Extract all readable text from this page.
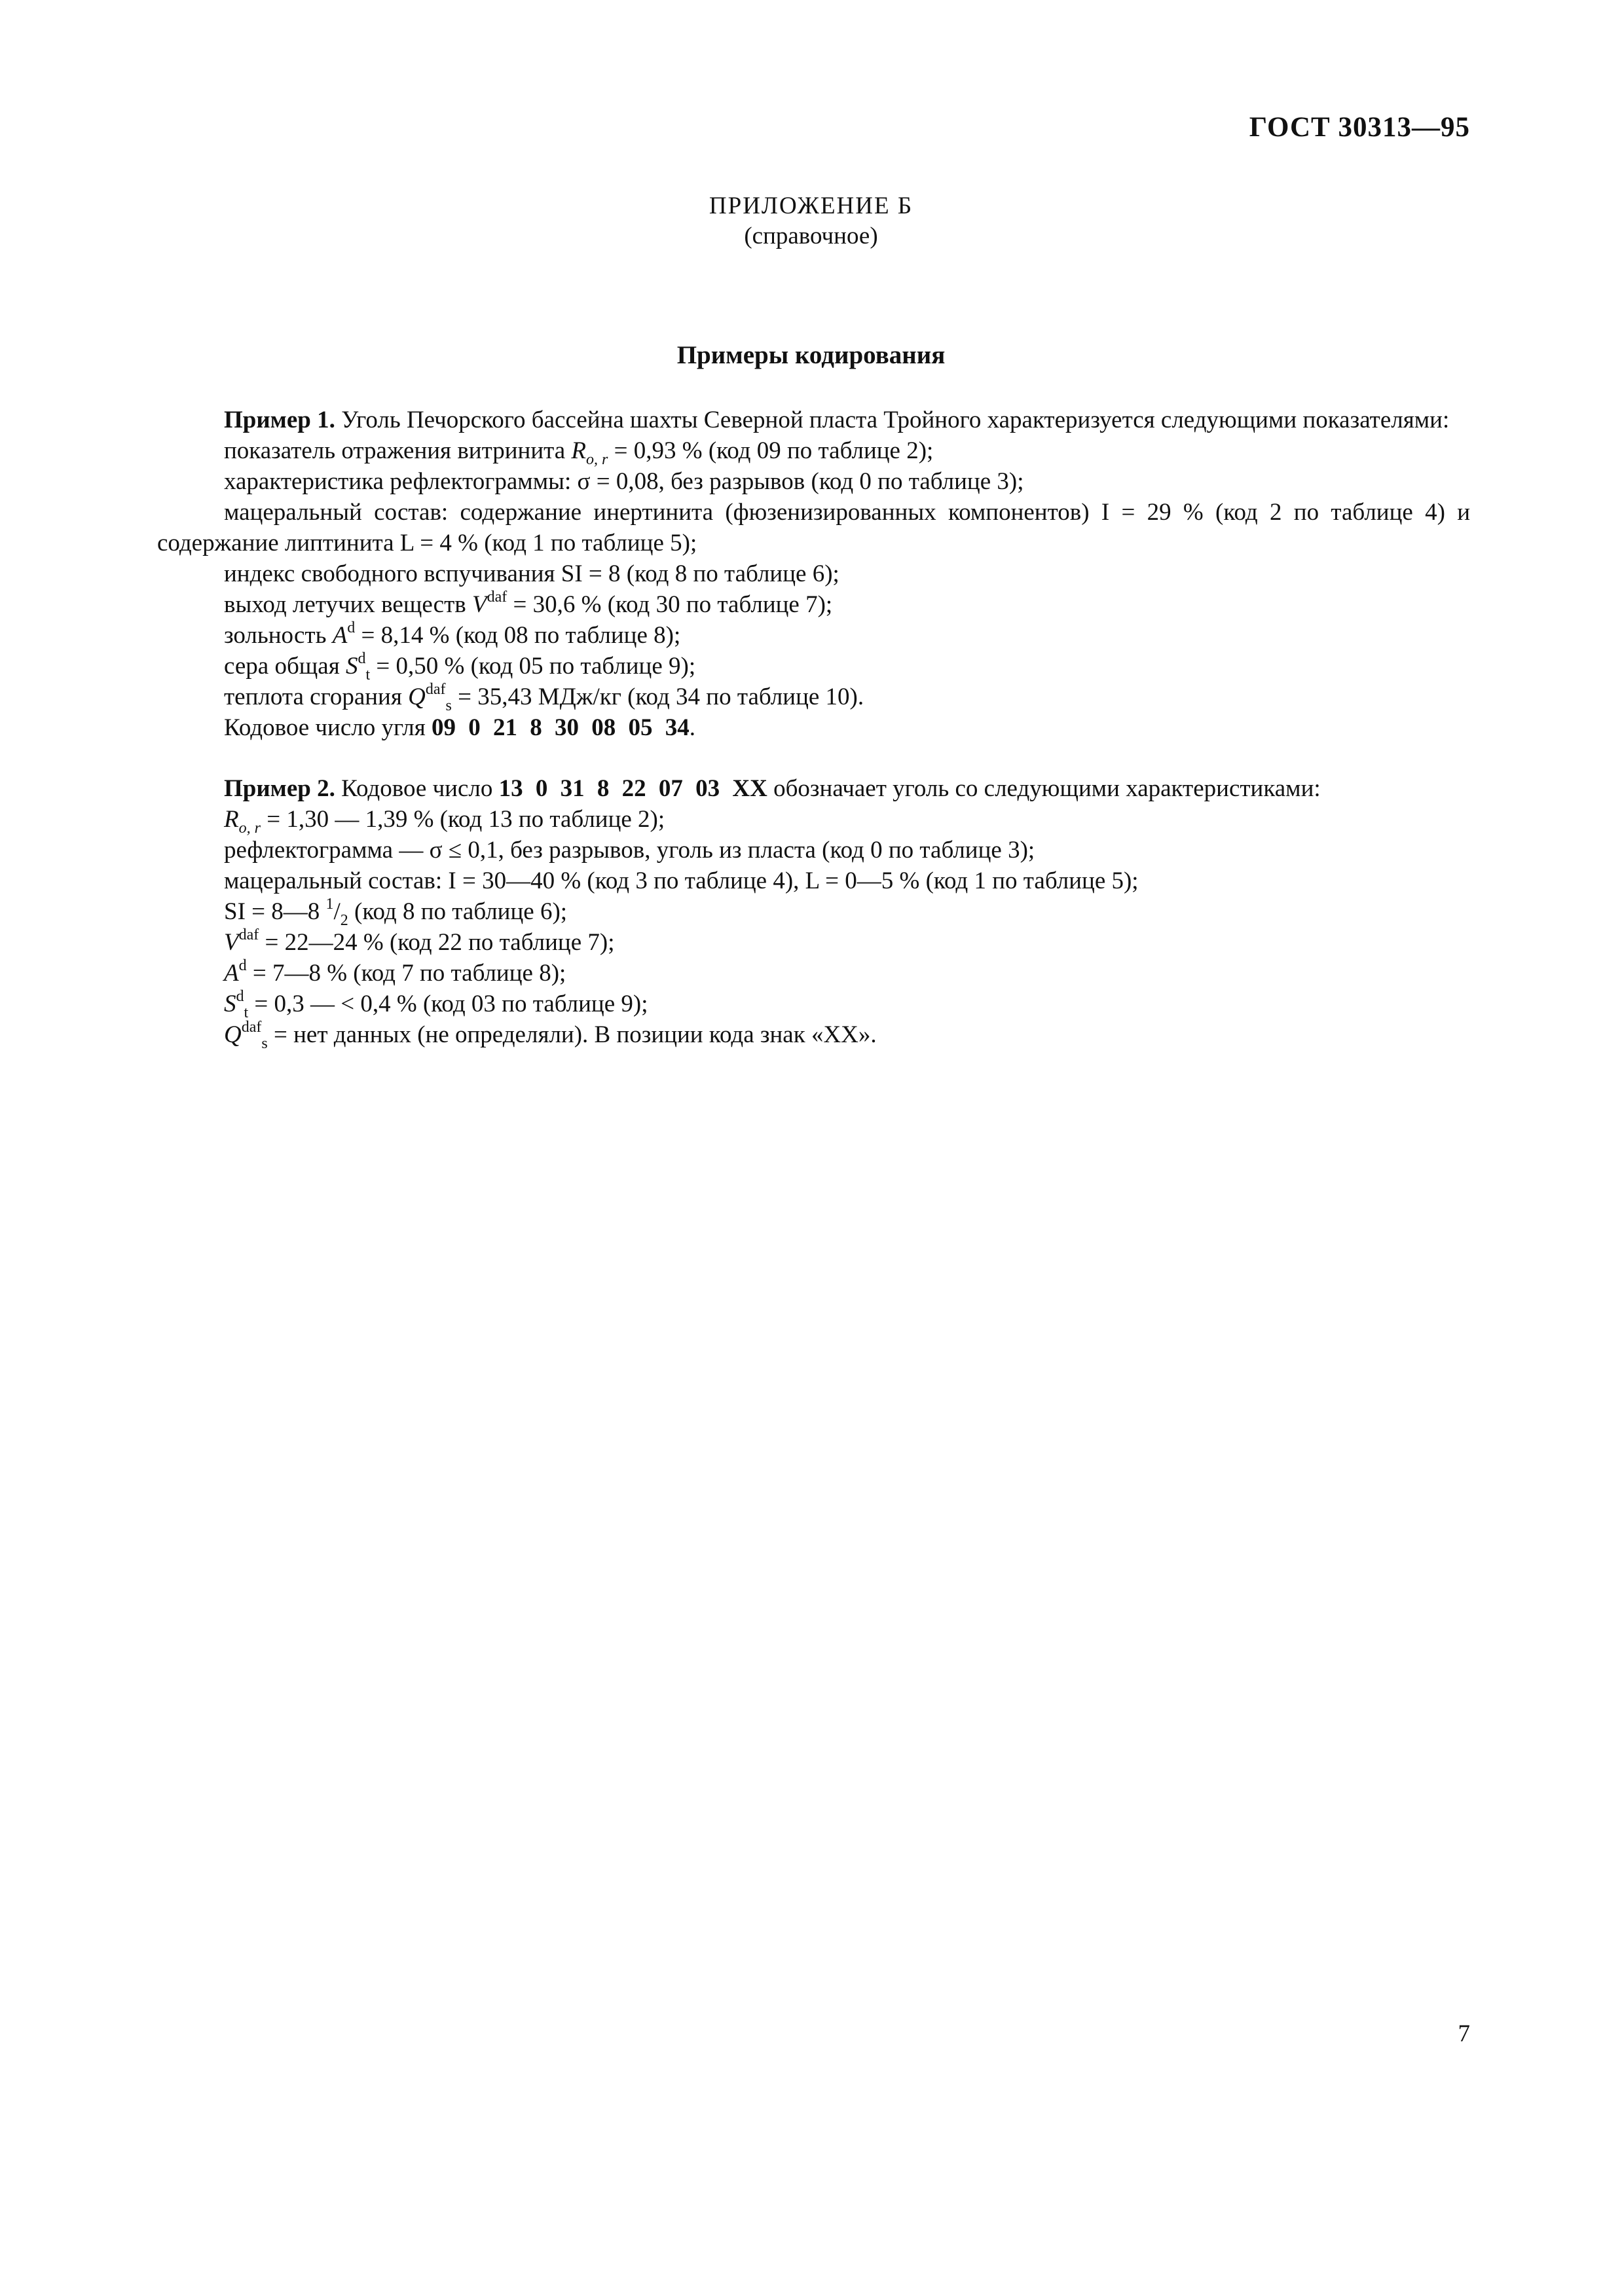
ГОСТ 30313—95
ПРИЛОЖЕНИЕ Б
(справочное)
Примеры кодирования

Пример 1. Уголь Печорского бассейна шахты Северной пласта Тройного характеризуется следующими показателями:

показатель отражения витринита $R_{o, r} = 0,93$ % (код 09 по таблице 2);

характеристика рефлектограммы: σ = 0,08, без разрывов (код 0 по таблице 3);

мацеральный состав: содержание инертинита (фюзенизированных компонентов) I = 29 % (код 2 по таблице 4) и содержание липтинита L = 4 % (код 1 по таблице 5);

индекс свободного вспучивания SI = 8 (код 8 по таблице 6);

выход летучих веществ $V^{daf} = 30,6$ % (код 30 по таблице 7);

зольность $A^d = 8,14$ % (код 08 по таблице 8);

сера общая $S^d_t = 0,50$ % (код 05 по таблице 9);

теплота сгорания $Q^{daf}_s = 35,43$ МДж/кг (код 34 по таблице 10).

Кодовое число угля 09 0 21 8 30 08 05 34.

Пример 2. Кодовое число 13 0 31 8 22 07 03 XX обозначает уголь со следующими характеристиками:

$R_{o, r} = 1,30$ — 1,39 % (код 13 по таблице 2);

рефлектограмма — σ ≤ 0,1, без разрывов, уголь из пласта (код 0 по таблице 3);

мацеральный состав: I = 30—40 % (код 3 по таблице 4), L = 0—5 % (код 1 по таблице 5);

SI = 8—8 $^1/_2$ (код 8 по таблице 6);

$V^{daf}$ = 22—24 % (код 22 по таблице 7);

$A^d$ = 7—8 % (код 7 по таблице 8);

$S^d_t = 0,3$ — < 0,4 % (код 03 по таблице 9);

$Q^{daf}_s$ = нет данных (не определяли). В позиции кода знак «XX».

7
